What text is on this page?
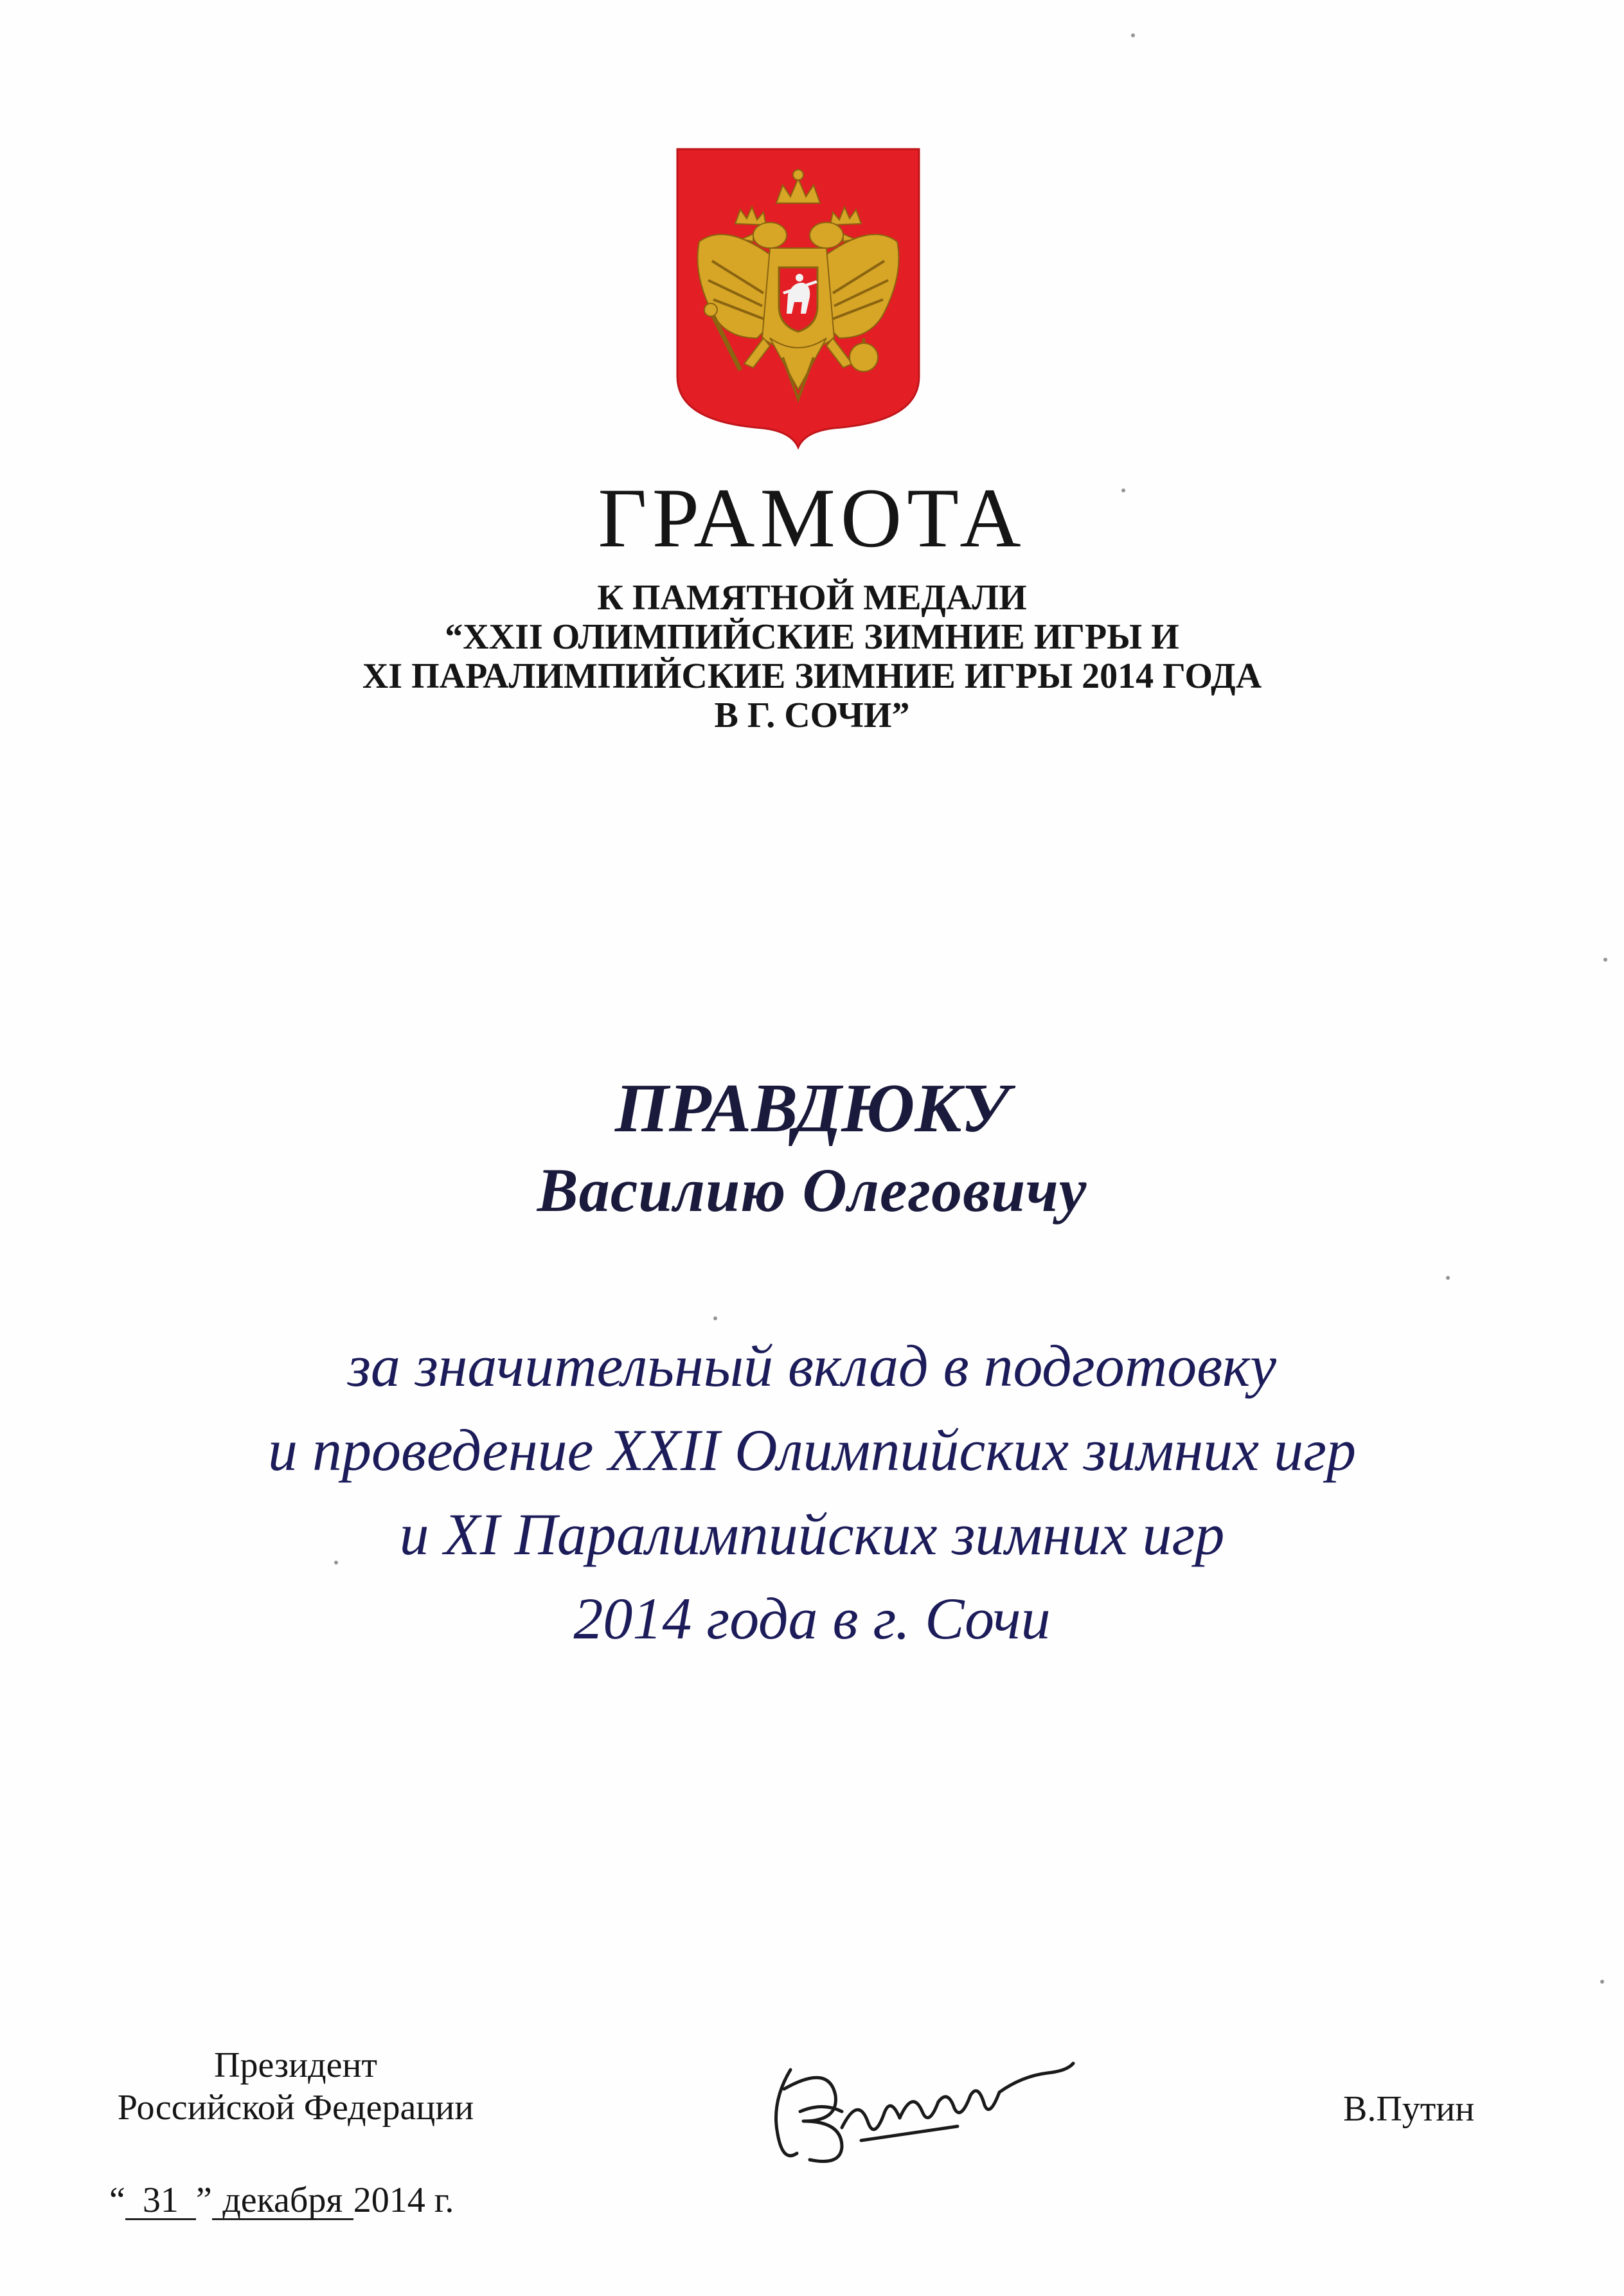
ГРАМОТА
К ПАМЯТНОЙ МЕДАЛИ
“XXII ОЛИМПИЙСКИЕ ЗИМНИЕ ИГРЫ И
XI ПАРАЛИМПИЙСКИЕ ЗИМНИЕ ИГРЫ 2014 ГОДА
В Г. СОЧИ”
ПРАВДЮКУ
Василию Олеговичу
за значительный вклад в подготовку
и проведение XXII Олимпийских зимних игр
и XI Паралимпийских зимних игр
2014 года в г. Сочи
Президент
Российской Федерации	В.Путин
“ 31 ” декабря 2014 г.
